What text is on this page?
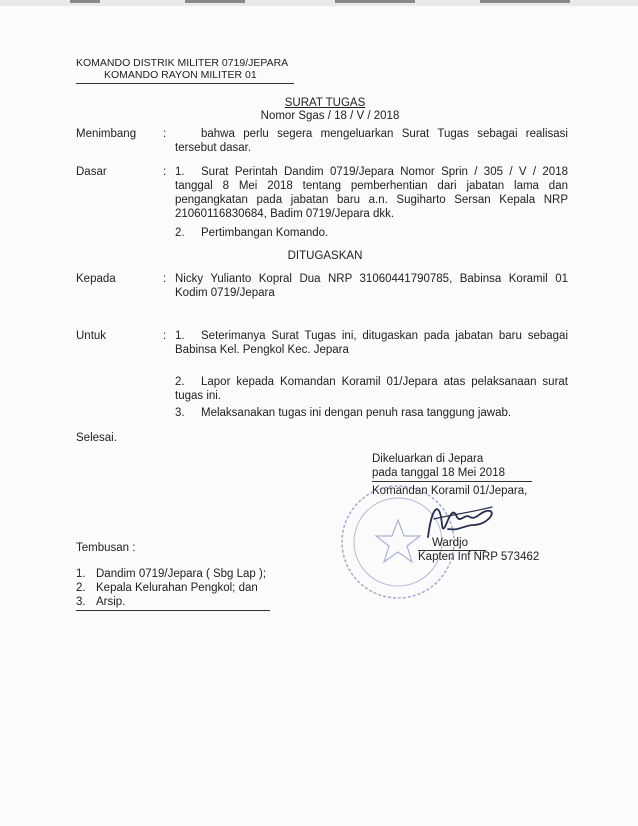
KOMANDO DISTRIK MILITER 0719/JEPARA
KOMANDO RAYON MILITER 01
SURAT TUGAS
Nomor Sgas / 18 / V / 2018
Menimbang :	bahwa perlu segera mengeluarkan Surat Tugas sebagai realisasi tersebut dasar.
Dasar	: 1.	Surat Perintah Dandim 0719/Jepara Nomor Sprin / 305 / V / 2018 tanggal 8 Mei 2018 tentang pemberhentian dari jabatan lama dan pengangkatan pada jabatan baru a.n. Sugiharto Sersan Kepala NRP 21060116830684, Badim 0719/Jepara dkk.
2. Pertimbangan Komando.
DITUGASKAN
Kepada	: Nicky Yulianto Kopral Dua NRP 31060441790785, Babinsa Koramil 01 Kodim 0719/Jepara
Untuk	: 1.	Seterimanya Surat Tugas ini, ditugaskan pada jabatan baru sebagai Babinsa Kel. Pengkol Kec. Jepara
2.	Lapor kepada Komandan Koramil 01/Jepara atas pelaksanaan surat tugas ini.
3. Melaksanakan tugas ini dengan penuh rasa tanggung jawab.
Selesai.
Dikeluarkan di Jepara
pada tanggal 18 Mei 2018
Komandan Koramil 01/Jepara,
Wardjo
Kapten Inf NRP 573462
Tembusan :
1. Dandim 0719/Jepara ( Sbg Lap );
2. Kepala Kelurahan Pengkol; dan
3. Arsip.
